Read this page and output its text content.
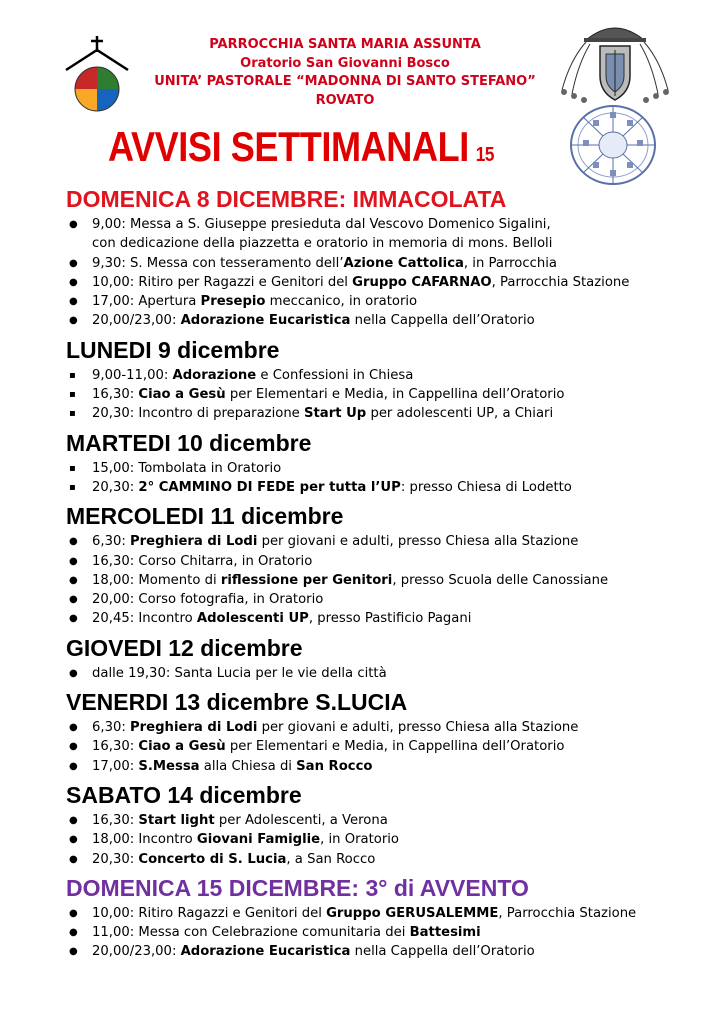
PARROCCHIA SANTA MARIA ASSUNTA
Oratorio San Giovanni Bosco
UNITA’ PASTORALE “MADONNA DI SANTO STEFANO”
ROVATO
AVVISI SETTIMANALI 15
DOMENICA 8 DICEMBRE: IMMACOLATA
● 9,00: Messa a S. Giuseppe presieduta dal Vescovo Domenico Sigalini,
con dedicazione della piazzetta e oratorio in memoria di mons. Belloli
● 9,30: S. Messa con tesseramento dell’Azione Cattolica, in Parrocchia
● 10,00: Ritiro per Ragazzi e Genitori del Gruppo CAFARNAO, Parrocchia Stazione
● 17,00: Apertura Presepio meccanico, in oratorio
● 20,00/23,00: Adorazione Eucaristica nella Cappella dell’Oratorio
LUNEDI 9 dicembre
▪ 9,00-11,00: Adorazione e Confessioni in Chiesa
▪ 16,30: Ciao a Gesù per Elementari e Media, in Cappellina dell’Oratorio
▪ 20,30: Incontro di preparazione Start Up per adolescenti UP, a Chiari
MARTEDI 10 dicembre
▪ 15,00: Tombolata in Oratorio
▪ 20,30: 2° CAMMINO DI FEDE per tutta l’UP: presso Chiesa di Lodetto
MERCOLEDI 11 dicembre
● 6,30: Preghiera di Lodi per giovani e adulti, presso Chiesa alla Stazione
● 16,30: Corso Chitarra, in Oratorio
● 18,00: Momento di riflessione per Genitori, presso Scuola delle Canossiane
● 20,00: Corso fotografia, in Oratorio
● 20,45: Incontro Adolescenti UP, presso Pastificio Pagani
GIOVEDI 12 dicembre
● dalle 19,30: Santa Lucia per le vie della città
VENERDI 13 dicembre S.LUCIA
● 6,30: Preghiera di Lodi per giovani e adulti, presso Chiesa alla Stazione
● 16,30: Ciao a Gesù per Elementari e Media, in Cappellina dell’Oratorio
● 17,00: S.Messa alla Chiesa di San Rocco
SABATO 14 dicembre
● 16,30: Start light per Adolescenti, a Verona
● 18,00: Incontro Giovani Famiglie, in Oratorio
● 20,30: Concerto di S. Lucia, a San Rocco
DOMENICA 15 DICEMBRE: 3° di AVVENTO
● 10,00: Ritiro Ragazzi e Genitori del Gruppo GERUSALEMME, Parrocchia Stazione
● 11,00: Messa con Celebrazione comunitaria dei Battesimi
● 20,00/23,00: Adorazione Eucaristica nella Cappella dell’Oratorio
